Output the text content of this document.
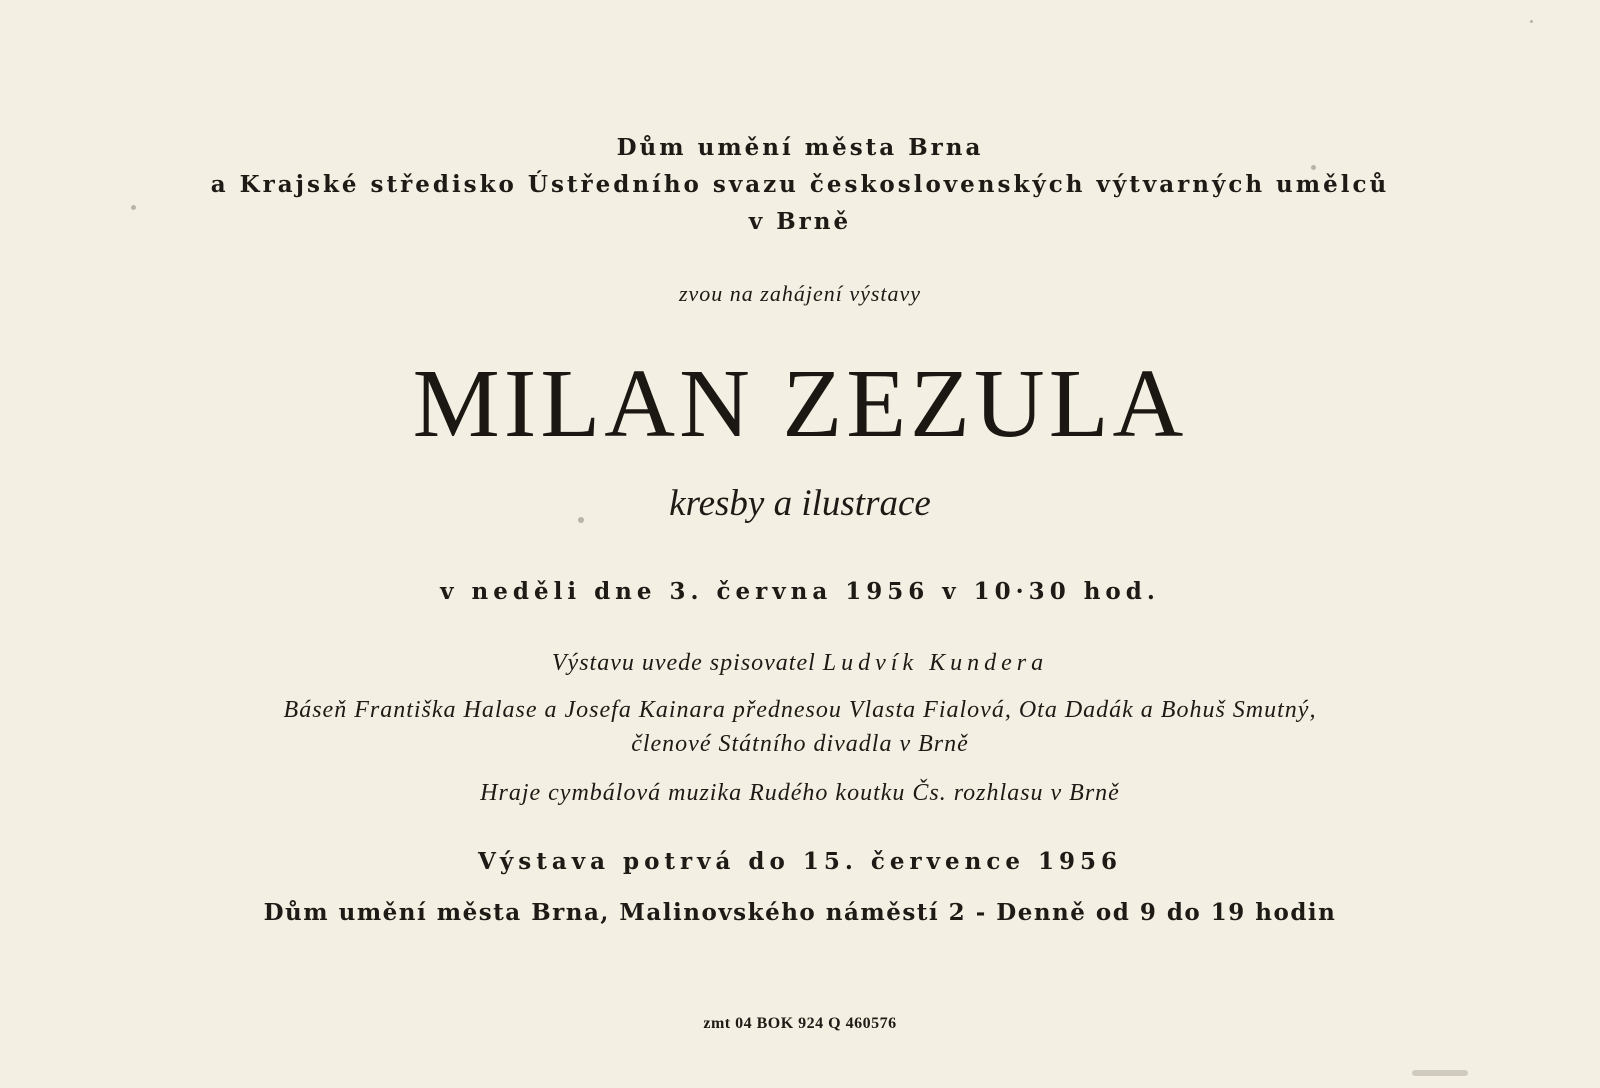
Dům umění města Brna
a Krajské středisko Ústředního svazu československých výtvarných umělců
v Brně
zvou na zahájení výstavy
MILAN ZEZULA
kresby a ilustrace
v neděli dne 3. června 1956 v 10·30 hod.
Výstavu uvede spisovatel Ludvík Kundera
Báseň Františka Halase a Josefa Kainara přednesou Vlasta Fialová, Ota Dadák a Bohuš Smutný,
členové Státního divadla v Brně
Hraje cymbálová muzika Rudého koutku Čs. rozhlasu v Brně
Výstava potrvá do 15. července 1956
Dům umění města Brna, Malinovského náměstí 2 - Denně od 9 do 19 hodin
zmt 04 BOK 924 Q 460576
